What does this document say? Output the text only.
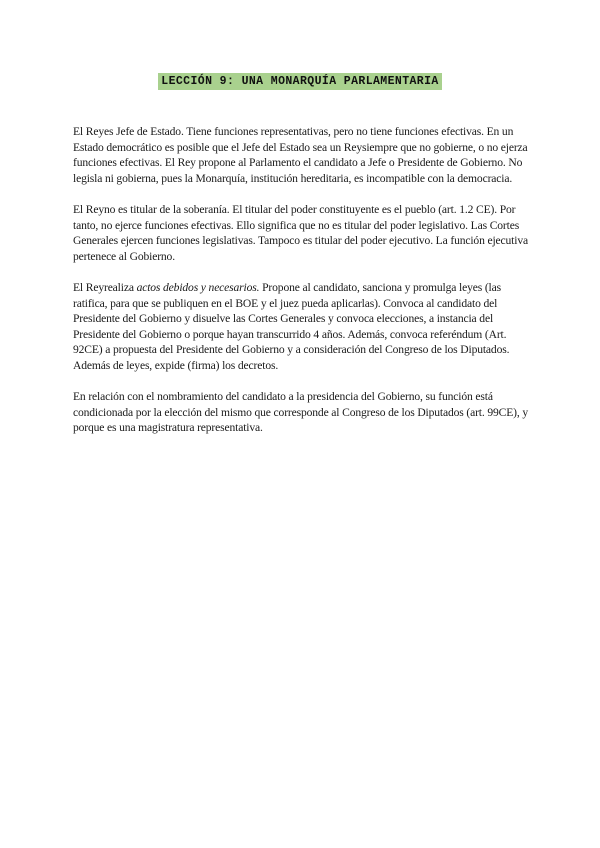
LECCIÓN 9: UNA MONARQUÍA PARLAMENTARIA

El Reyes Jefe de Estado. Tiene funciones representativas, pero no tiene funciones efectivas. En un Estado democrático es posible que el Jefe del Estado sea un Reysiempre que no gobierne, o no ejerza funciones efectivas. El Rey propone al Parlamento el candidato a Jefe o Presidente de Gobierno. No legisla ni gobierna, pues la Monarquía, institución hereditaria, es incompatible con la democracia.

El Reyno es titular de la soberanía. El titular del poder constituyente es el pueblo (art. 1.2 CE). Por tanto, no ejerce funciones efectivas. Ello significa que no es titular del poder legislativo. Las Cortes Generales ejercen funciones legislativas. Tampoco es titular del poder ejecutivo. La función ejecutiva pertenece al Gobierno.

El Reyrealiza actos debidos y necesarios. Propone al candidato, sanciona y promulga leyes (las ratifica, para que se publiquen en el BOE y el juez pueda aplicarlas). Convoca al candidato del Presidente del Gobierno y disuelve las Cortes Generales y convoca elecciones, a instancia del Presidente del Gobierno o porque hayan transcurrido 4 años. Además, convoca referéndum (Art. 92CE) a propuesta del Presidente del Gobierno y a consideración del Congreso de los Diputados. Además de leyes, expide (firma) los decretos.

En relación con el nombramiento del candidato a la presidencia del Gobierno, su función está condicionada por la elección del mismo que corresponde al Congreso de los Diputados (art. 99CE), y porque es una magistratura representativa.
